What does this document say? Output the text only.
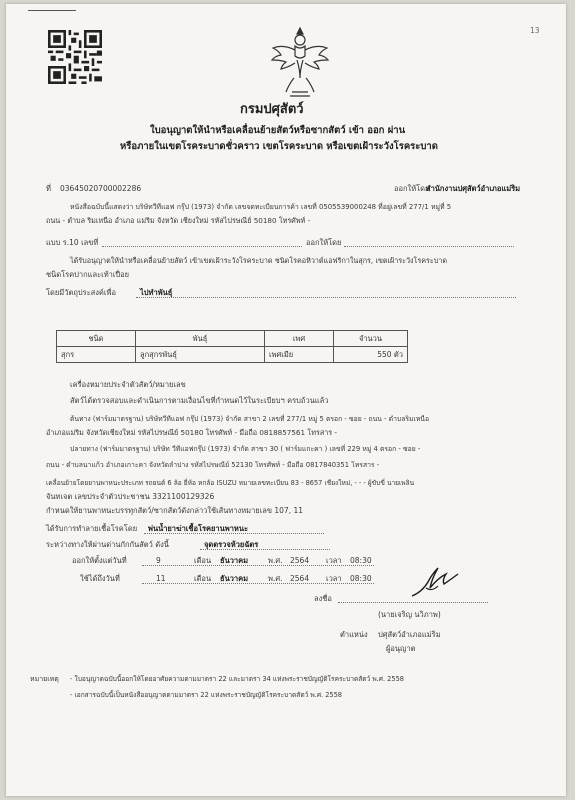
13
กรมปศุสัตว์
ใบอนุญาตให้นำหรือเคลื่อนย้ายสัตว์หรือซากสัตว์ เข้า ออก ผ่าน
หรือภายในเขตโรคระบาดชั่วคราว เขตโรคระบาด หรือเขตเฝ้าระวังโรคระบาด
ที่ 03645020700002286	ออกให้โดย
สำนักงานปศุสัตว์อำเภอแม่ริม
หนังสือฉบับนี้แสดงว่า บริษัทวีทีแอฟ กรุ๊ป (1973) จำกัด เลขจดทะเบียนการค้า เลขที่ 0505539000248 ที่อยู่เลขที่ 277/1 หมู่ที่ 5
ถนน - ตำบล ริมเหนือ อำเภอ แม่ริม จังหวัด เชียงใหม่ รหัสไปรษณีย์ 50180 โทรศัพท์ -
แบบ ร.10 เลขที่	ออกให้โดย
ได้รับอนุญาตให้นำหรือเคลื่อนย้ายสัตว์ เข้าเขตเฝ้าระวังโรคระบาด ชนิดโรคอหิวาต์แอฟริกาในสุกร, เขตเฝ้าระวังโรคระบาด
ชนิดโรคปากและเท้าเปื่อย
โดยมีวัตถุประสงค์เพื่อ	ไปทำพันธุ์
ชนิด	พันธุ์	เพศ	จำนวน
สุกร	ลูกสุกรพันธุ์	เพศเมีย	550 ตัว
เครื่องหมายประจำตัวสัตว์/หมายเลข
สัตว์ได้ตรวจสอบและดำเนินการตามเงื่อนไขที่กำหนดไว้ในระเบียบฯ ครบถ้วนแล้ว
ต้นทาง (ฟาร์มมาตรฐาน) บริษัทวีทีแอฟ กรุ๊ป (1973) จำกัด สาขา 2 เลขที่ 277/1 หมู่ 5 ตรอก - ซอย - ถนน - ตำบลริมเหนือ
อำเภอแม่ริม จังหวัดเชียงใหม่ รหัสไปรษณีย์ 50180 โทรศัพท์ - มือถือ 0818857561 โทรสาร -
ปลายทาง (ฟาร์มมาตรฐาน) บริษัท วีทีแอฟกรุ๊ป (1973) จำกัด สาขา 30 ( ฟาร์มแกะคา ) เลขที่ 229 หมู่ 4 ตรอก - ซอย -
ถนน - ตำบลนาแก้ว อำเภอเกาะคา จังหวัดลำปาง รหัสไปรษณีย์ 52130 โทรศัพท์ - มือถือ 0817840351 โทรสาร -
เคลื่อนย้ายโดยยานพาหนะประเภท รถยนต์ 6 ล้อ ยี่ห้อ หกล้อ ISUZU หมายเลขทะเบียน 83 - 8657 เชียงใหม่, - - - ผู้ขับขี่ นายเพลิน
จันทเจต เลขประจำตัวประชาชน 3321100129326
กำหนดให้ยานพาหนะบรรทุกสัตว์/ซากสัตว์ดังกล่าวใช้เส้นทางหมายเลข 107, 11
ได้รับการทำลายเชื้อโรคโดย พ่นน้ำยาฆ่าเชื้อโรคยานพาหนะ
ระหว่างทางให้ผ่านด่านกักกันสัตว์ ดังนี้	จุดตรวจห้วยฉัตร
ออกให้ตั้งแต่วันที่	9	เดือน ธันวาคม	พ.ศ. 2564 เวลา 08:30
ใช้ได้ถึงวันที่	11	เดือน ธันวาคม	พ.ศ. 2564 เวลา 08:30
ลงชื่อ
(นายเจริญ นวิภาพ)
ตำแหน่ง ปศุสัตว์อำเภอแม่ริม
ผู้อนุญาต
หมายเหตุ - ใบอนุญาตฉบับนี้ออกให้โดยอาศัยความตามมาตรา 22 และมาตรา 34 แห่งพระราชบัญญัติโรคระบาดสัตว์ พ.ศ. 2558
- เอกสารฉบับนี้เป็นหนังสืออนุญาตตามมาตรา 22 แห่งพระราชบัญญัติโรคระบาดสัตว์ พ.ศ. 2558
